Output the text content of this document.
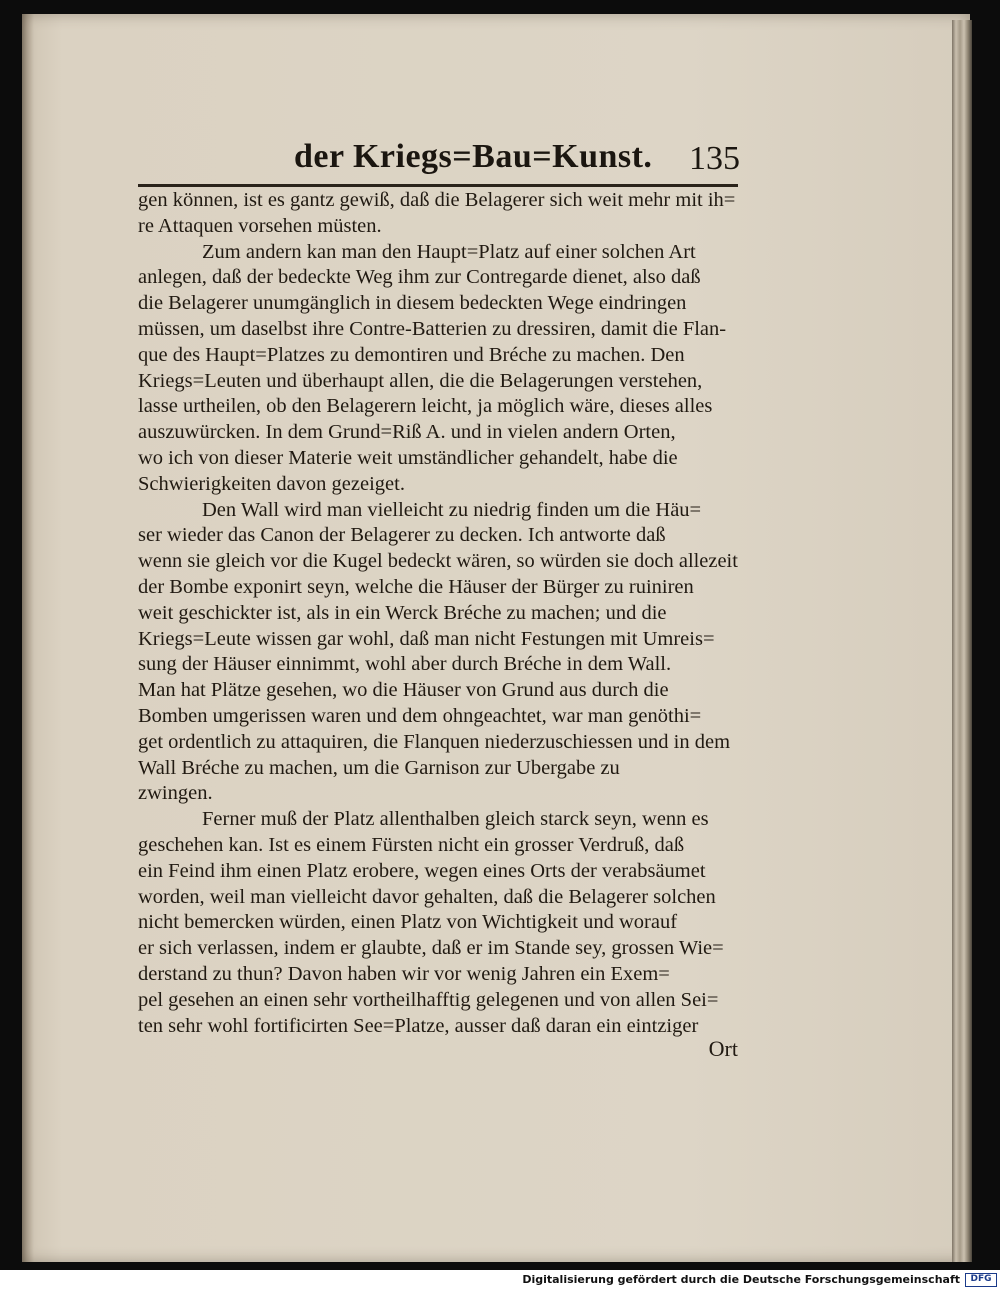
der Kriegs=Bau=Kunst. 135
gen können, ist es gantz gewiß, daß die Belagerer sich weit mehr mit ih=
re Attaquen vorsehen müsten.
Zum andern kan man den Haupt=Platz auf einer solchen Art
anlegen, daß der bedeckte Weg ihm zur Contregarde dienet, also daß
die Belagerer unumgänglich in diesem bedeckten Wege eindringen
müssen, um daselbst ihre Contre-Batterien zu dressiren, damit die Flan-
que des Haupt=Platzes zu demontiren und Bréche zu machen. Den
Kriegs=Leuten und überhaupt allen, die die Belagerungen verstehen,
lasse urtheilen, ob den Belagerern leicht, ja möglich wäre, dieses alles
auszuwürcken. In dem Grund=Riß A. und in vielen andern Orten,
wo ich von dieser Materie weit umständlicher gehandelt, habe die
Schwierigkeiten davon gezeiget.
Den Wall wird man vielleicht zu niedrig finden um die Häu=
ser wieder das Canon der Belagerer zu decken. Ich antworte daß
wenn sie gleich vor die Kugel bedeckt wären, so würden sie doch allezeit
der Bombe exponirt seyn, welche die Häuser der Bürger zu ruiniren
weit geschickter ist, als in ein Werck Bréche zu machen; und die
Kriegs=Leute wissen gar wohl, daß man nicht Festungen mit Umreis=
sung der Häuser einnimmt, wohl aber durch Bréche in dem Wall.
Man hat Plätze gesehen, wo die Häuser von Grund aus durch die
Bomben umgerissen waren und dem ohngeachtet, war man genöthi=
get ordentlich zu attaquiren, die Flanquen niederzuschiessen und in dem
Wall Bréche zu machen, um die Garnison zur Ubergabe zu
zwingen.
Ferner muß der Platz allenthalben gleich starck seyn, wenn es
geschehen kan. Ist es einem Fürsten nicht ein grosser Verdruß, daß
ein Feind ihm einen Platz erobere, wegen eines Orts der verabsäumet
worden, weil man vielleicht davor gehalten, daß die Belagerer solchen
nicht bemercken würden, einen Platz von Wichtigkeit und worauf
er sich verlassen, indem er glaubte, daß er im Stande sey, grossen Wie=
derstand zu thun? Davon haben wir vor wenig Jahren ein Exem=
pel gesehen an einen sehr vortheilhafftig gelegenen und von allen Sei=
ten sehr wohl fortificirten See=Platze, ausser daß daran ein eintziger
Ort
Digitalisierung gefördert durch die Deutsche Forschungsgemeinschaft	DFG
